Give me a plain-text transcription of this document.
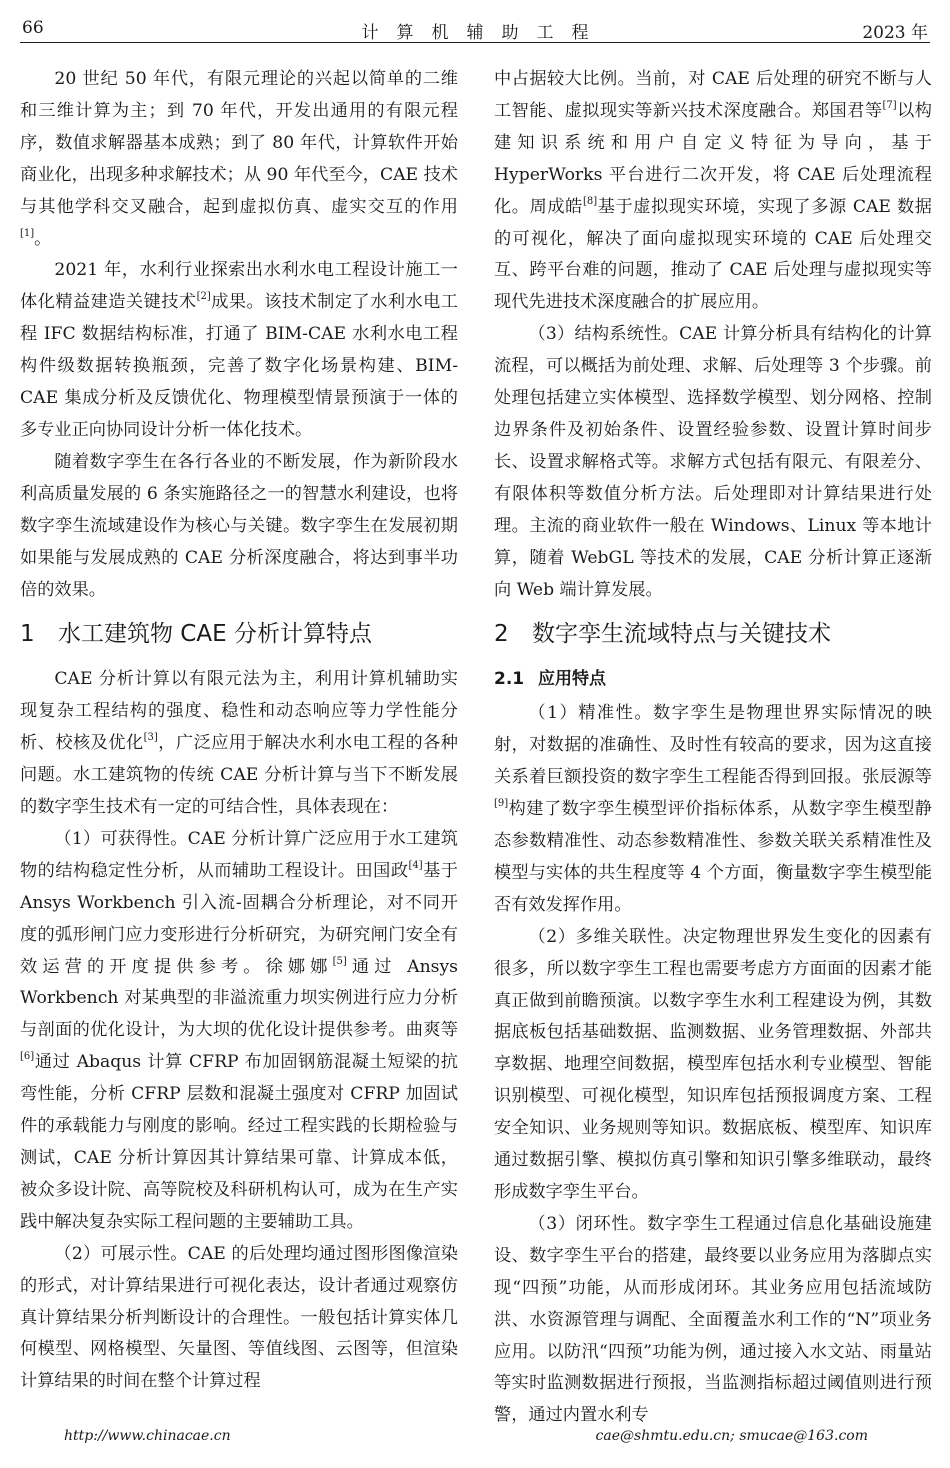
66	计算机辅助工程	2023 年

20 世纪 50 年代，有限元理论的兴起以简单的二维和三维计算为主；到 70 年代，开发出通用的有限元程序，数值求解器基本成熟；到了 80 年代，计算软件开始商业化，出现多种求解技术；从 90 年代至今，CAE 技术与其他学科交叉融合，起到虚拟仿真、虚实交互的作用[1]。

2021 年，水利行业探索出水利水电工程设计施工一体化精益建造关键技术[2]成果。该技术制定了水利水电工程 IFC 数据结构标准，打通了 BIM-CAE 水利水电工程构件级数据转换瓶颈，完善了数字化场景构建、BIM-CAE 集成分析及反馈优化、物理模型情景预演于一体的多专业正向协同设计分析一体化技术。

随着数字孪生在各行各业的不断发展，作为新阶段水利高质量发展的 6 条实施路径之一的智慧水利建设，也将数字孪生流域建设作为核心与关键。数字孪生在发展初期如果能与发展成熟的 CAE 分析深度融合，将达到事半功倍的效果。

1 水工建筑物 CAE 分析计算特点

CAE 分析计算以有限元法为主，利用计算机辅助实现复杂工程结构的强度、稳性和动态响应等力学性能分析、校核及优化[3]，广泛应用于解决水利水电工程的各种问题。水工建筑物的传统 CAE 分析计算与当下不断发展的数字孪生技术有一定的可结合性，具体表现在：

（1）可获得性。CAE 分析计算广泛应用于水工建筑物的结构稳定性分析，从而辅助工程设计。田国政[4]基于 Ansys Workbench 引入流-固耦合分析理论，对不同开度的弧形闸门应力变形进行分析研究，为研究闸门安全有效运营的开度提供参考。徐娜娜[5]通过 Ansys Workbench 对某典型的非溢流重力坝实例进行应力分析与剖面的优化设计，为大坝的优化设计提供参考。曲爽等[6]通过 Abaqus 计算 CFRP 布加固钢筋混凝土短梁的抗弯性能，分析 CFRP 层数和混凝土强度对 CFRP 加固试件的承载能力与刚度的影响。经过工程实践的长期检验与测试，CAE 分析计算因其计算结果可靠、计算成本低，被众多设计院、高等院校及科研机构认可，成为在生产实践中解决复杂实际工程问题的主要辅助工具。

（2）可展示性。CAE 的后处理均通过图形图像渲染的形式，对计算结果进行可视化表达，设计者通过观察仿真计算结果分析判断设计的合理性。一般包括计算实体几何模型、网格模型、矢量图、等值线图、云图等，但渲染计算结果的时间在整个计算过程

中占据较大比例。当前，对 CAE 后处理的研究不断与人工智能、虚拟现实等新兴技术深度融合。郑国君等[7]以构建知识系统和用户自定义特征为导向，基于 HyperWorks 平台进行二次开发，将 CAE 后处理流程化。周成皓[8]基于虚拟现实环境，实现了多源 CAE 数据的可视化，解决了面向虚拟现实环境的 CAE 后处理交互、跨平台难的问题，推动了 CAE 后处理与虚拟现实等现代先进技术深度融合的扩展应用。

（3）结构系统性。CAE 计算分析具有结构化的计算流程，可以概括为前处理、求解、后处理等 3 个步骤。前处理包括建立实体模型、选择数学模型、划分网格、控制边界条件及初始条件、设置经验参数、设置计算时间步长、设置求解格式等。求解方式包括有限元、有限差分、有限体积等数值分析方法。后处理即对计算结果进行处理。主流的商业软件一般在 Windows、Linux 等本地计算，随着 WebGL 等技术的发展，CAE 分析计算正逐渐向 Web 端计算发展。

2 数字孪生流域特点与关键技术
2.1 应用特点

（1）精准性。数字孪生是物理世界实际情况的映射，对数据的准确性、及时性有较高的要求，因为这直接关系着巨额投资的数字孪生工程能否得到回报。张辰源等[9]构建了数字孪生模型评价指标体系，从数字孪生模型静态参数精准性、动态参数精准性、参数关联关系精准性及模型与实体的共生程度等 4 个方面，衡量数字孪生模型能否有效发挥作用。

（2）多维关联性。决定物理世界发生变化的因素有很多，所以数字孪生工程也需要考虑方方面面的因素才能真正做到前瞻预演。以数字孪生水利工程建设为例，其数据底板包括基础数据、监测数据、业务管理数据、外部共享数据、地理空间数据，模型库包括水利专业模型、智能识别模型、可视化模型，知识库包括预报调度方案、工程安全知识、业务规则等知识。数据底板、模型库、知识库通过数据引擎、模拟仿真引擎和知识引擎多维联动，最终形成数字孪生平台。

（3）闭环性。数字孪生工程通过信息化基础设施建设、数字孪生平台的搭建，最终要以业务应用为落脚点实现“四预”功能，从而形成闭环。其业务应用包括流域防洪、水资源管理与调配、全面覆盖水利工作的“N”项业务应用。以防汛“四预”功能为例，通过接入水文站、雨量站等实时监测数据进行预报，当监测指标超过阈值则进行预警，通过内置水利专

http://www.chinacae.cn	cae@shmtu.edu.cn; smucae@163.com
